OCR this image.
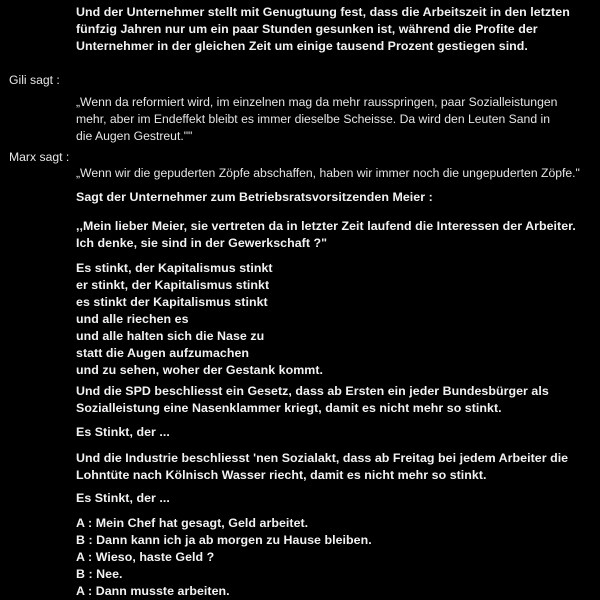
Und der Unternehmer stellt mit Genugtuung fest, dass die Arbeitszeit in den letzten
fünfzig Jahren nur um ein paar Stunden gesunken ist, während die Profite der
Unternehmer in der gleichen Zeit um einige tausend Prozent gestiegen sind.

Gili sagt :

„Wenn da reformiert wird, im einzelnen mag da mehr rausspringen, paar Sozialleistungen
mehr, aber im Endeffekt bleibt es immer dieselbe Scheisse. Da wird den Leuten Sand in
die Augen Gestreut.""

Marx sagt :

„Wenn wir die gepuderten Zöpfe abschaffen, haben wir immer noch die ungepuderten Zöpfe."
Sagt der Unternehmer zum Betriebsratsvorsitzenden Meier :
,,Mein lieber Meier, sie vertreten da in letzter Zeit laufend die Interessen der Arbeiter.
Ich denke, sie sind in der Gewerkschaft ?"
Es stinkt, der Kapitalismus stinkt
er stinkt, der Kapitalismus stinkt
es stinkt der Kapitalismus stinkt
und alle riechen es
und alle halten sich die Nase zu
statt die Augen aufzumachen
und zu sehen, woher der Gestank kommt.
Und die SPD beschliesst ein Gesetz, dass ab Ersten ein jeder Bundesbürger als
Sozialleistung eine Nasenklammer kriegt, damit es nicht mehr so stinkt.
Es Stinkt, der ...
Und die Industrie beschliesst 'nen Sozialakt, dass ab Freitag bei jedem Arbeiter die
Lohntüte nach Kölnisch Wasser riecht, damit es nicht mehr so stinkt.
Es Stinkt, der ...
A : Mein Chef hat gesagt, Geld arbeitet.
B : Dann kann ich ja ab morgen zu Hause bleiben.
A : Wieso, haste Geld ?
B : Nee.
A : Dann musste arbeiten.
